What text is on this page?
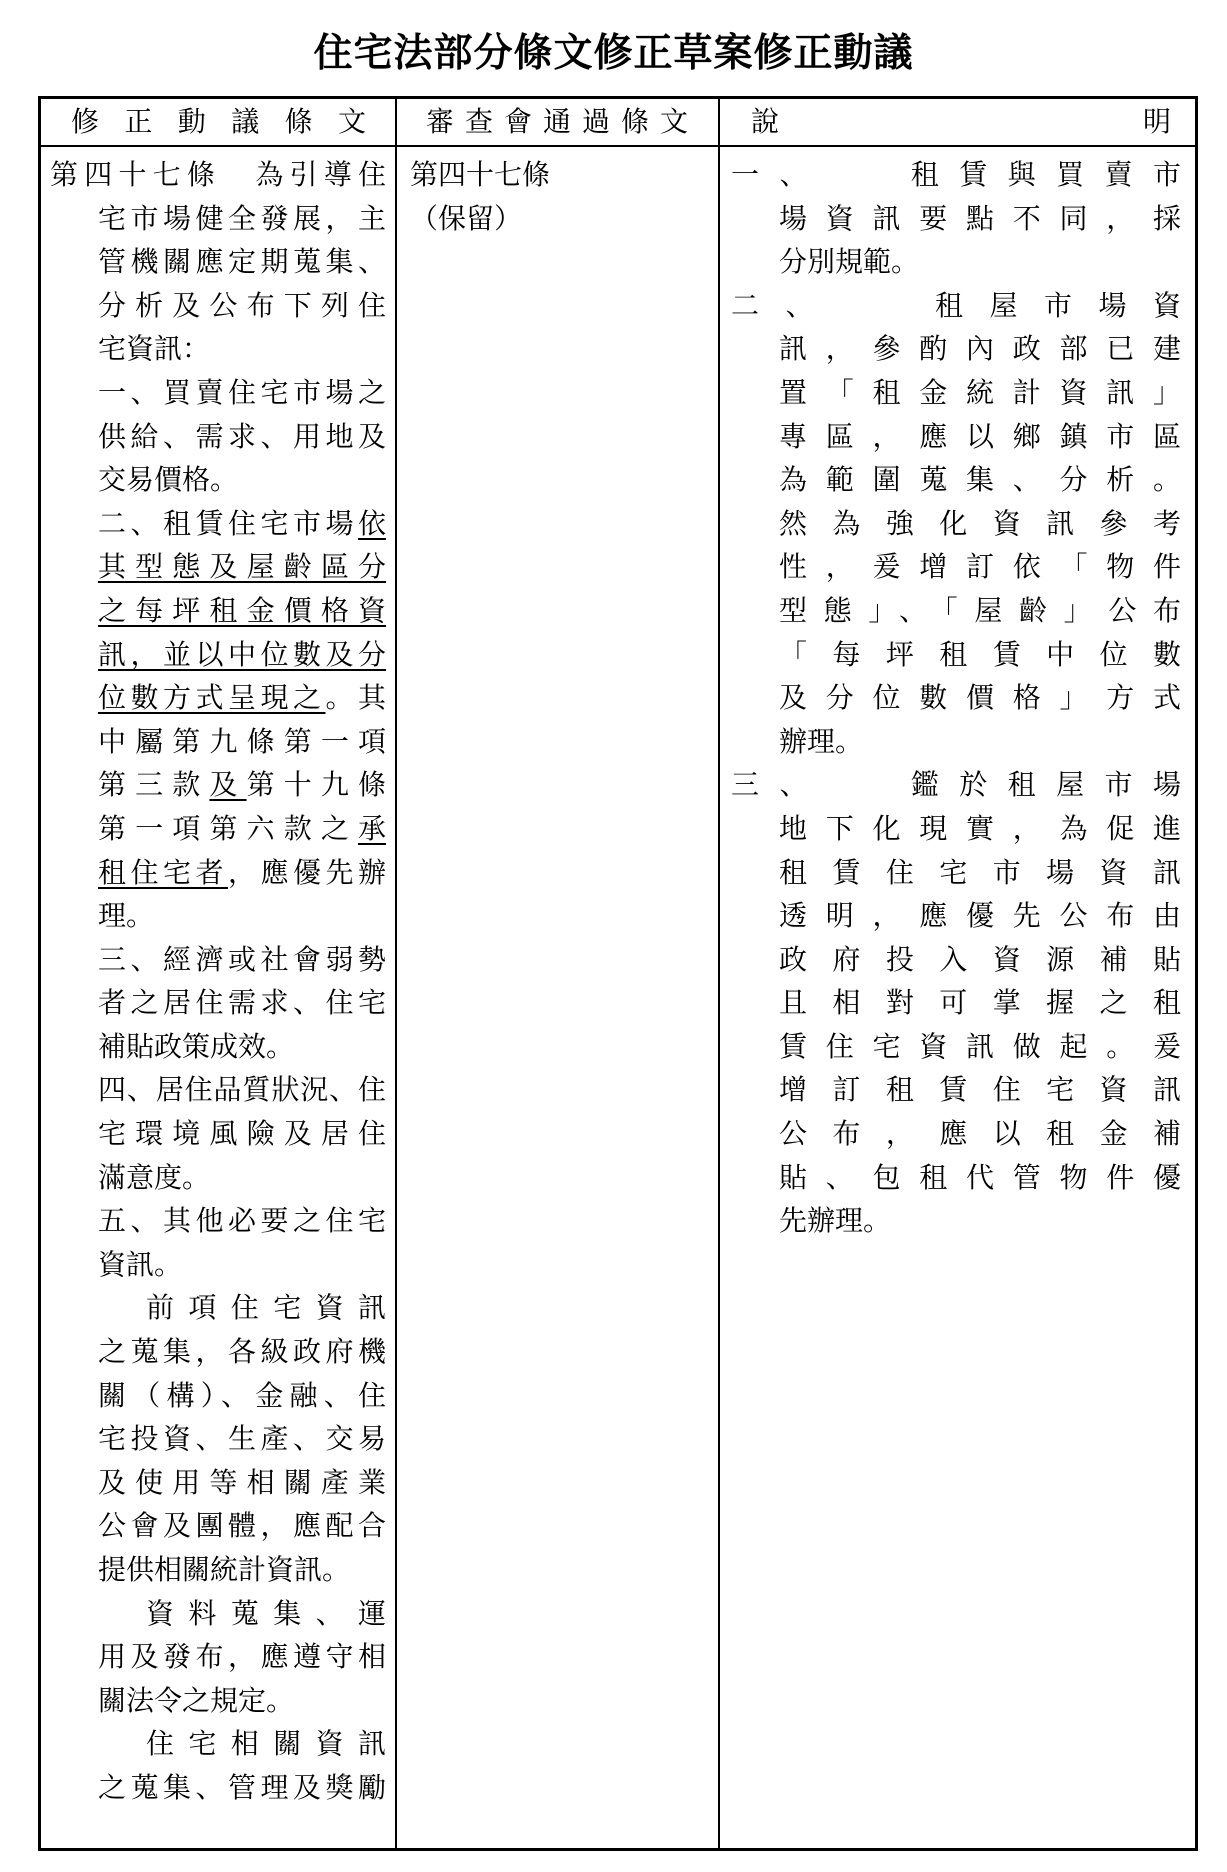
住宅法部分條文修正草案修正動議
修正動議條文 審查會通過條文 說明

第四十七條　為引導住

宅市場健全發展，主

管機關應定期蒐集、

分析及公布下列住

宅資訊：

一、買賣住宅市場之

供給、需求、用地及

交易價格。

二、租賃住宅市場依

其型態及屋齡區分

之每坪租金價格資

訊，並以中位數及分

位數方式呈現之。其

中屬第九條第一項

第三款及第十九條

第一項第六款之承

租住宅者，應優先辦

理。

三、經濟或社會弱勢

者之居住需求、住宅

補貼政策成效。

四、居住品質狀況、住

宅環境風險及居住

滿意度。

五、其他必要之住宅

資訊。

前項住宅資訊

之蒐集，各級政府機

關（構）、金融、住

宅投資、生產、交易

及使用等相關產業

公會及團體，應配合

提供相關統計資訊。

資料蒐集、運

用及發布，應遵守相

關法令之規定。

住宅相關資訊

之蒐集、管理及獎勵

第四十七條

（保留）

一、　　租賃與買賣市

場資訊要點不同，採

分別規範。

二、　　租屋市場資

訊，參酌內政部已建

置「租金統計資訊」

專區，應以鄉鎮市區

為範圍蒐集、分析。

然為強化資訊參考

性，爰增訂依「物件

型態」、「屋齡」公布

「每坪租賃中位數

及分位數價格」方式

辦理。

三、　　鑑於租屋市場

地下化現實，為促進

租賃住宅市場資訊

透明，應優先公布由

政府投入資源補貼

且相對可掌握之租

賃住宅資訊做起。爰

增訂租賃住宅資訊

公布，應以租金補

貼、包租代管物件優

先辦理。
